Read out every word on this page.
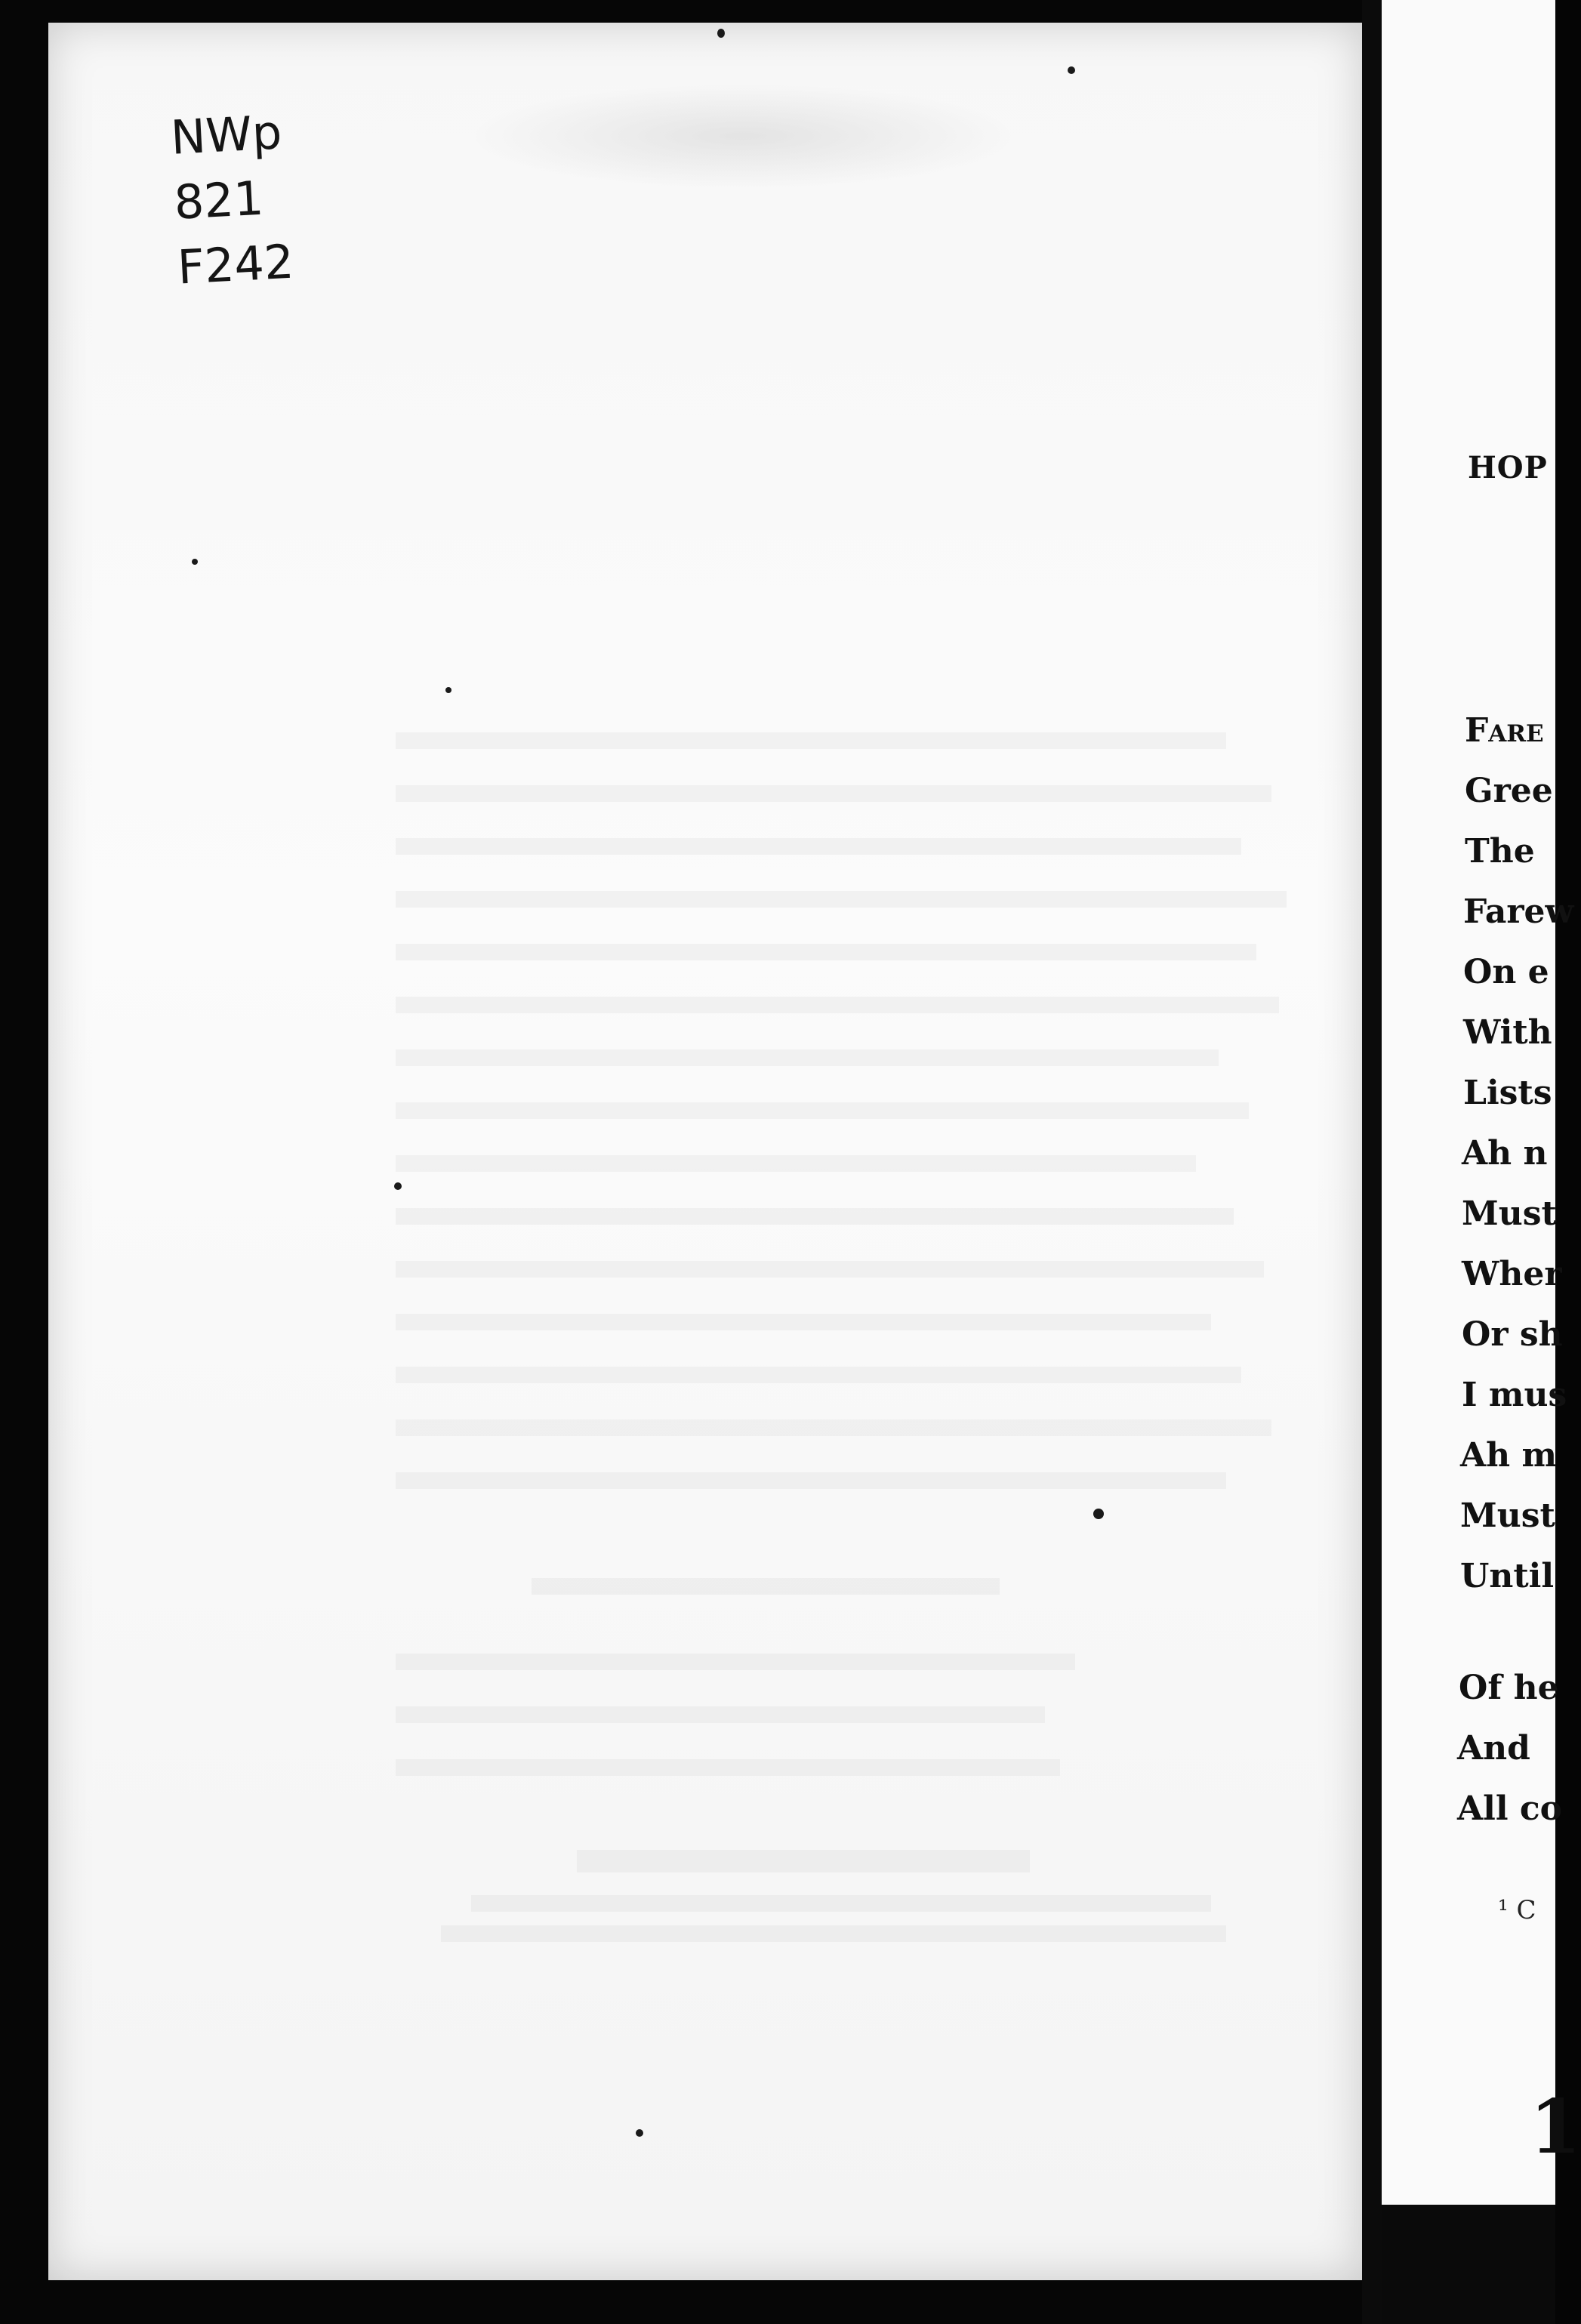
NWp
821
F242
HOP
Fare
Gree
The
Farew
On e
With
Lists
Ah n
Must
Wher
Or sh
I mus
Ah m
Must
Until
Of he
And
All co
¹ C
1
